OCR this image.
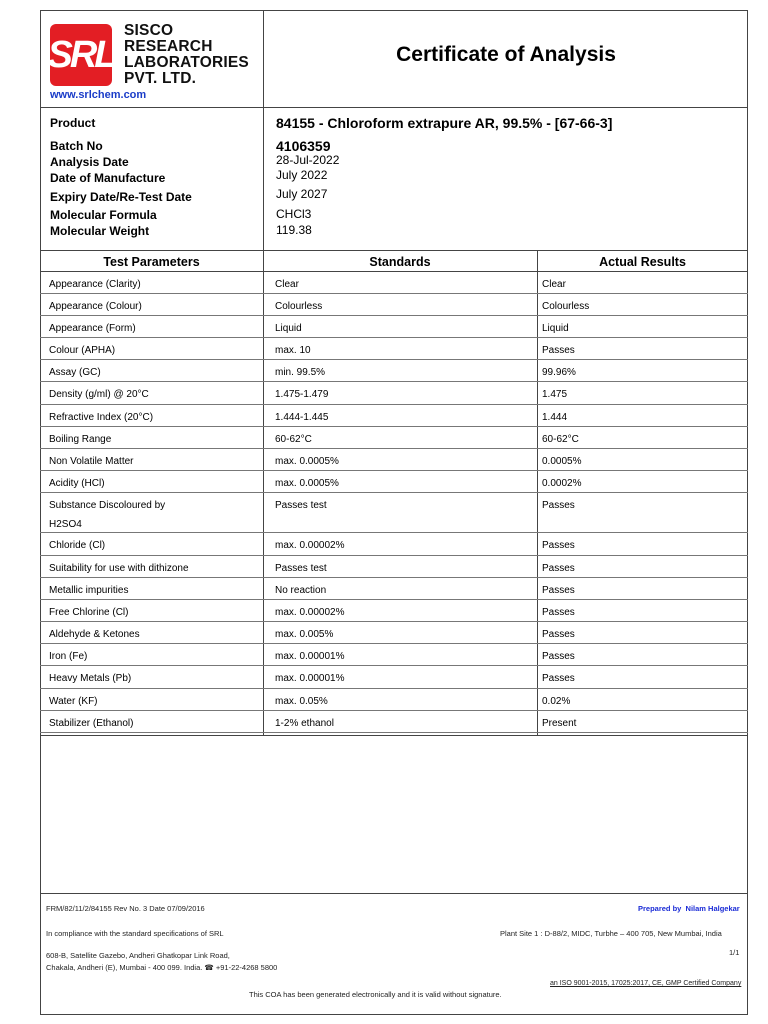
SRL
SISCO
RESEARCH
LABORATORIES
PVT. LTD.
www.srlchem.com
Certificate of Analysis
Product	84155 - Chloroform extrapure AR, 99.5% - [67-66-3]
Batch No	4106359
Analysis Date	28-Jul-2022
Date of Manufacture	July 2022
Expiry Date/Re-Test Date	July 2027
Molecular Formula	CHCl3
Molecular Weight	119.38
Test Parameters	Standards	Actual Results
Appearance (Clarity)	Clear	Clear
Appearance (Colour)	Colourless	Colourless
Appearance (Form)	Liquid	Liquid
Colour (APHA)	max. 10	Passes
Assay (GC)	min. 99.5%	99.96%
Density (g/ml) @ 20°C	1.475-1.479	1.475
Refractive Index (20°C)	1.444-1.445	1.444
Boiling Range	60-62°C	60-62°C
Non Volatile Matter	max. 0.0005%	0.0005%
Acidity (HCl)	max. 0.0005%	0.0002%
Substance Discoloured by	Passes test	Passes
H2SO4
Chloride (Cl)	max. 0.00002%	Passes
Suitability for use with dithizone	Passes test	Passes
Metallic impurities	No reaction	Passes
Free Chlorine (Cl)	max. 0.00002%	Passes
Aldehyde & Ketones	max. 0.005%	Passes
Iron (Fe)	max. 0.00001%	Passes
Heavy Metals (Pb)	max. 0.00001%	Passes
Water (KF)	max. 0.05%	0.02%
Stabilizer (Ethanol)	1-2% ethanol	Present
FRM/82/11/2/84155 Rev No. 3 Date 07/09/2016	Prepared by Nilam Halgekar
In compliance with the standard specifications of SRL	Plant Site 1 : D-88/2, MIDC, Turbhe – 400 705, New Mumbai, India
1/1
608-B, Satellite Gazebo, Andheri Ghatkopar Link Road,
Chakala, Andheri (E), Mumbai - 400 099. India. ☎ +91-22-4268 5800
an ISO 9001-2015, 17025:2017, CE, GMP Certified Company
This COA has been generated electronically and it is valid without signature.
